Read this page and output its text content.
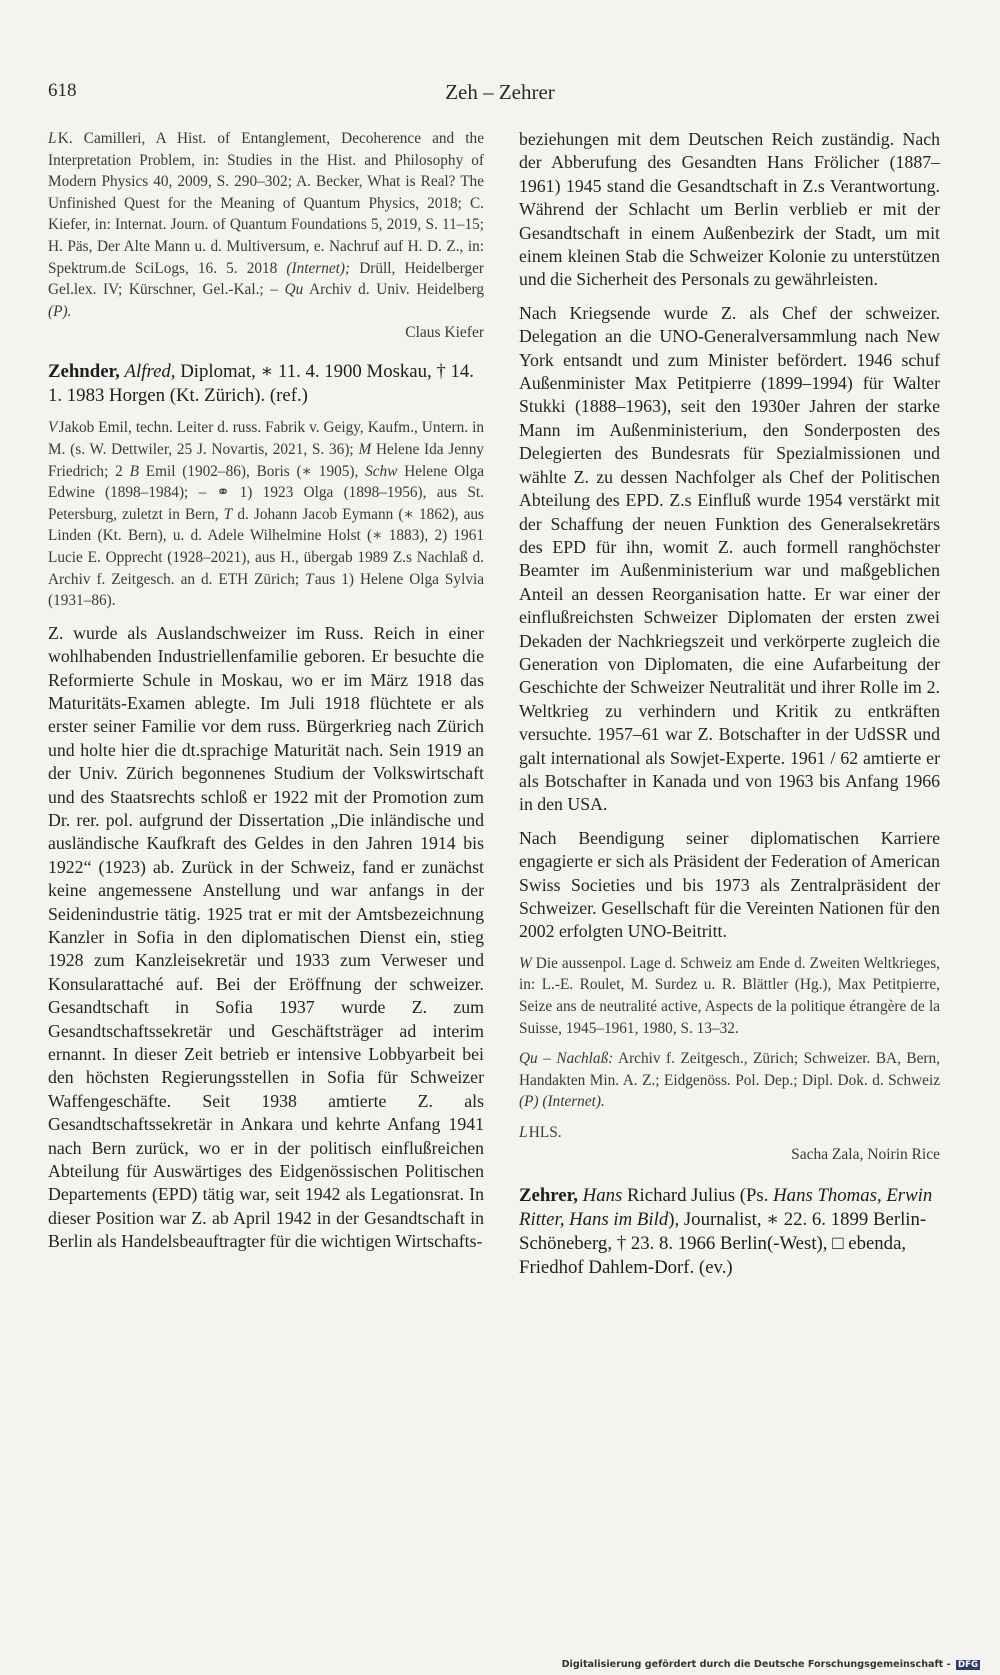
618	Zeh – Zehrer

L K. Camilleri, A Hist. of Entanglement, Decoherence and the Interpretation Problem, in: Studies in the Hist. and Philosophy of Modern Physics 40, 2009, S. 290–302; A. Becker, What is Real? The Unfinished Quest for the Meaning of Quantum Physics, 2018; C. Kiefer, in: Internat. Journ. of Quantum Foundations 5, 2019, S. 11–15; H. Päs, Der Alte Mann u. d. Multiversum, e. Nachruf auf H. D. Z., in: Spektrum.de SciLogs, 16. 5. 2018 (Internet); Drüll, Heidelberger Gel.lex. IV; Kürschner, Gel.-Kal.; – Qu Archiv d. Univ. Heidelberg (P).

Claus Kiefer

Zehnder, Alfred, Diplomat, ∗ 11. 4. 1900 Moskau, † 14. 1. 1983 Horgen (Kt. Zürich). (ref.)

V Jakob Emil, techn. Leiter d. russ. Fabrik v. Geigy, Kaufm., Untern. in M. (s. W. Dettwiler, 25 J. Novartis, 2021, S. 36); M Helene Ida Jenny Friedrich; 2 B Emil (1902–86), Boris (∗ 1905), Schw Helene Olga Edwine (1898–1984); – ⚭ 1) 1923 Olga (1898–1956), aus St. Petersburg, zuletzt in Bern, T d. Johann Jacob Eymann (∗ 1862), aus Linden (Kt. Bern), u. d. Adele Wilhelmine Holst (∗ 1883), 2) 1961 Lucie E. Opprecht (1928–2021), aus H., übergab 1989 Z.s Nachlaß d. Archiv f. Zeitgesch. an d. ETH Zürich; T aus 1) Helene Olga Sylvia (1931–86).

Z. wurde als Auslandschweizer im Russ. Reich in einer wohlhabenden Industriellenfamilie geboren. Er besuchte die Reformierte Schule in Moskau, wo er im März 1918 das Maturitäts-Examen ablegte. Im Juli 1918 flüchtete er als erster seiner Familie vor dem russ. Bürgerkrieg nach Zürich und holte hier die dt.sprachige Maturität nach. Sein 1919 an der Univ. Zürich begonnenes Studium der Volkswirtschaft und des Staatsrechts schloß er 1922 mit der Promotion zum Dr. rer. pol. aufgrund der Dissertation „Die inländische und ausländische Kaufkraft des Geldes in den Jahren 1914 bis 1922“ (1923) ab. Zurück in der Schweiz, fand er zunächst keine angemessene Anstellung und war anfangs in der Seidenindustrie tätig. 1925 trat er mit der Amtsbezeichnung Kanzler in Sofia in den diplomatischen Dienst ein, stieg 1928 zum Kanzleisekretär und 1933 zum Verweser und Konsularattaché auf. Bei der Eröffnung der schweizer. Gesandtschaft in Sofia 1937 wurde Z. zum Gesandtschaftssekretär und Geschäftsträger ad interim ernannt. In dieser Zeit betrieb er intensive Lobbyarbeit bei den höchsten Regierungsstellen in Sofia für Schweizer Waffengeschäfte. Seit 1938 amtierte Z. als Gesandtschaftssekretär in Ankara und kehrte Anfang 1941 nach Bern zurück, wo er in der politisch einflußreichen Abteilung für Auswärtiges des Eidgenössischen Politischen Departements (EPD) tätig war, seit 1942 als Legationsrat. In dieser Position war Z. ab April 1942 in der Gesandtschaft in Berlin als Handelsbeauftragter für die wichtigen Wirtschafts-

beziehungen mit dem Deutschen Reich zuständig. Nach der Abberufung des Gesandten Hans Frölicher (1887–1961) 1945 stand die Gesandtschaft in Z.s Verantwortung. Während der Schlacht um Berlin verblieb er mit der Gesandtschaft in einem Außenbezirk der Stadt, um mit einem kleinen Stab die Schweizer Kolonie zu unterstützen und die Sicherheit des Personals zu gewährleisten.

Nach Kriegsende wurde Z. als Chef der schweizer. Delegation an die UNO-Generalversammlung nach New York entsandt und zum Minister befördert. 1946 schuf Außenminister Max Petitpierre (1899–1994) für Walter Stukki (1888–1963), seit den 1930er Jahren der starke Mann im Außenministerium, den Sonderposten des Delegierten des Bundesrats für Spezialmissionen und wählte Z. zu dessen Nachfolger als Chef der Politischen Abteilung des EPD. Z.s Einfluß wurde 1954 verstärkt mit der Schaffung der neuen Funktion des Generalsekretärs des EPD für ihn, womit Z. auch formell ranghöchster Beamter im Außenministerium war und maßgeblichen Anteil an dessen Reorganisation hatte. Er war einer der einflußreichsten Schweizer Diplomaten der ersten zwei Dekaden der Nachkriegszeit und verkörperte zugleich die Generation von Diplomaten, die eine Aufarbeitung der Geschichte der Schweizer Neutralität und ihrer Rolle im 2. Weltkrieg zu verhindern und Kritik zu entkräften versuchte. 1957–61 war Z. Botschafter in der UdSSR und galt international als Sowjet-Experte. 1961 / 62 amtierte er als Botschafter in Kanada und von 1963 bis Anfang 1966 in den USA.

Nach Beendigung seiner diplomatischen Karriere engagierte er sich als Präsident der Federation of American Swiss Societies und bis 1973 als Zentralpräsident der Schweizer. Gesellschaft für die Vereinten Nationen für den 2002 erfolgten UNO-Beitritt.

W Die aussenpol. Lage d. Schweiz am Ende d. Zweiten Weltkrieges, in: L.-E. Roulet, M. Surdez u. R. Blättler (Hg.), Max Petitpierre, Seize ans de neutralité active, Aspects de la politique étrangère de la Suisse, 1945–1961, 1980, S. 13–32.

Qu – Nachlaß: Archiv f. Zeitgesch., Zürich; Schweizer. BA, Bern, Handakten Min. A. Z.; Eidgenöss. Pol. Dep.; Dipl. Dok. d. Schweiz (P) (Internet).

L HLS.

Sacha Zala, Noirin Rice

Zehrer, Hans Richard Julius (Ps. Hans Thomas, Erwin Ritter, Hans im Bild), Journalist, ∗ 22. 6. 1899 Berlin-Schöneberg, † 23. 8. 1966 Berlin(-West), □ ebenda, Friedhof Dahlem-Dorf. (ev.)

Digitalisierung gefördert durch die Deutsche Forschungsgemeinschaft - DFG
